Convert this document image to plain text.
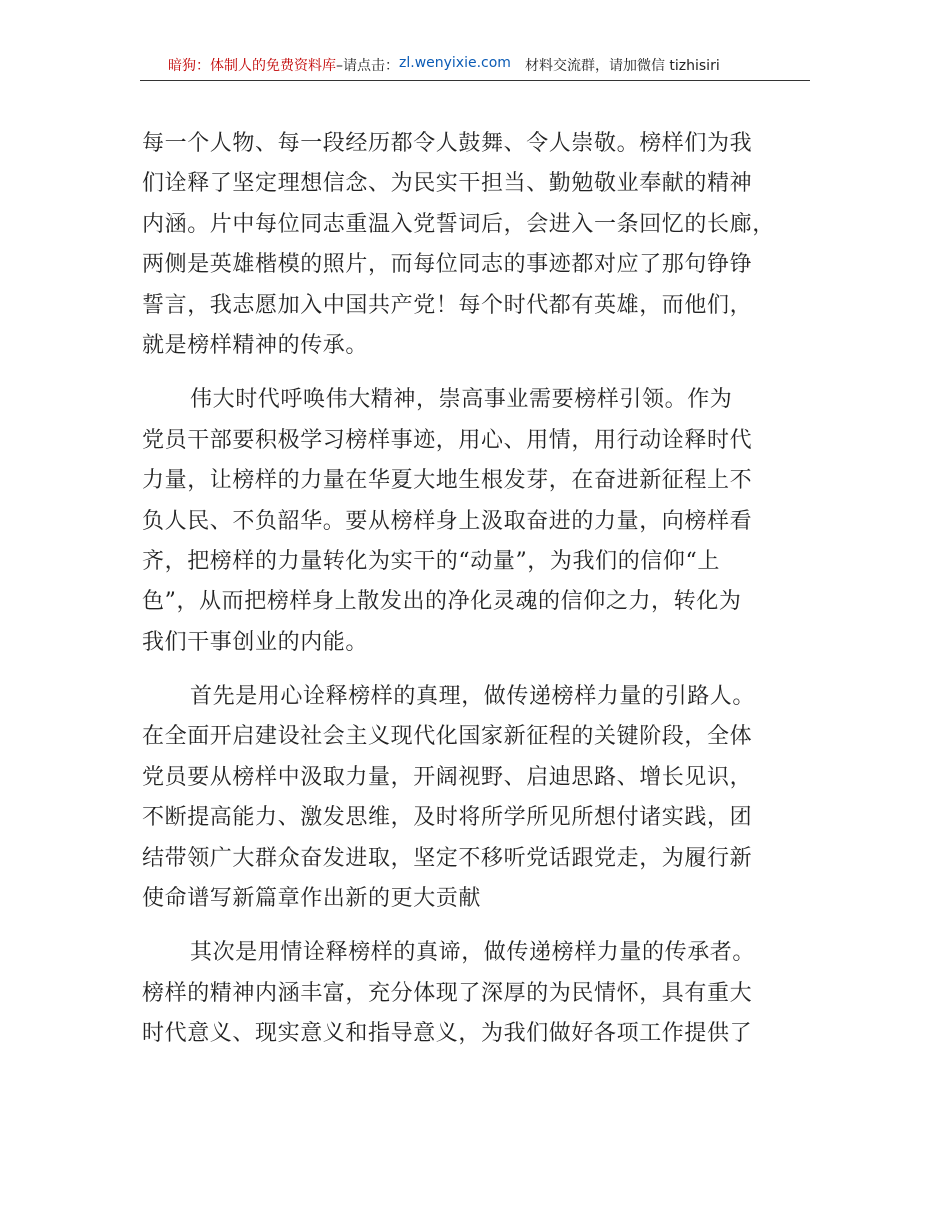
暗狗：体制人的免费资料库 –请点击： zl.wenyixie.com 材料交流群，请加微信 tizhisiri
每一个人物、每一段经历都令人鼓舞、令人崇敬。榜样们为我
们诠释了坚定理想信念、为民实干担当、勤勉敬业奉献的精神
内涵。片中每位同志重温入党誓词后，会进入一条回忆的长廊，
两侧是英雄楷模的照片，而每位同志的事迹都对应了那句铮铮
誓言，我志愿加入中国共产党！每个时代都有英雄，而他们，
就是榜样精神的传承。
伟大时代呼唤伟大精神，崇高事业需要榜样引领。作为
党员干部要积极学习榜样事迹，用心、用情，用行动诠释时代
力量，让榜样的力量在华夏大地生根发芽，在奋进新征程上不
负人民、不负韶华。要从榜样身上汲取奋进的力量，向榜样看
齐，把榜样的力量转化为实干的“动量”，为我们的信仰“上
色”，从而把榜样身上散发出的净化灵魂的信仰之力，转化为
我们干事创业的内能。
首先是用心诠释榜样的真理，做传递榜样力量的引路人。
在全面开启建设社会主义现代化国家新征程的关键阶段，全体
党员要从榜样中汲取力量，开阔视野、启迪思路、增长见识，
不断提高能力、激发思维，及时将所学所见所想付诸实践，团
结带领广大群众奋发进取，坚定不移听党话跟党走，为履行新
使命谱写新篇章作出新的更大贡献
其次是用情诠释榜样的真谛，做传递榜样力量的传承者。
榜样的精神内涵丰富，充分体现了深厚的为民情怀，具有重大
时代意义、现实意义和指导意义，为我们做好各项工作提供了
